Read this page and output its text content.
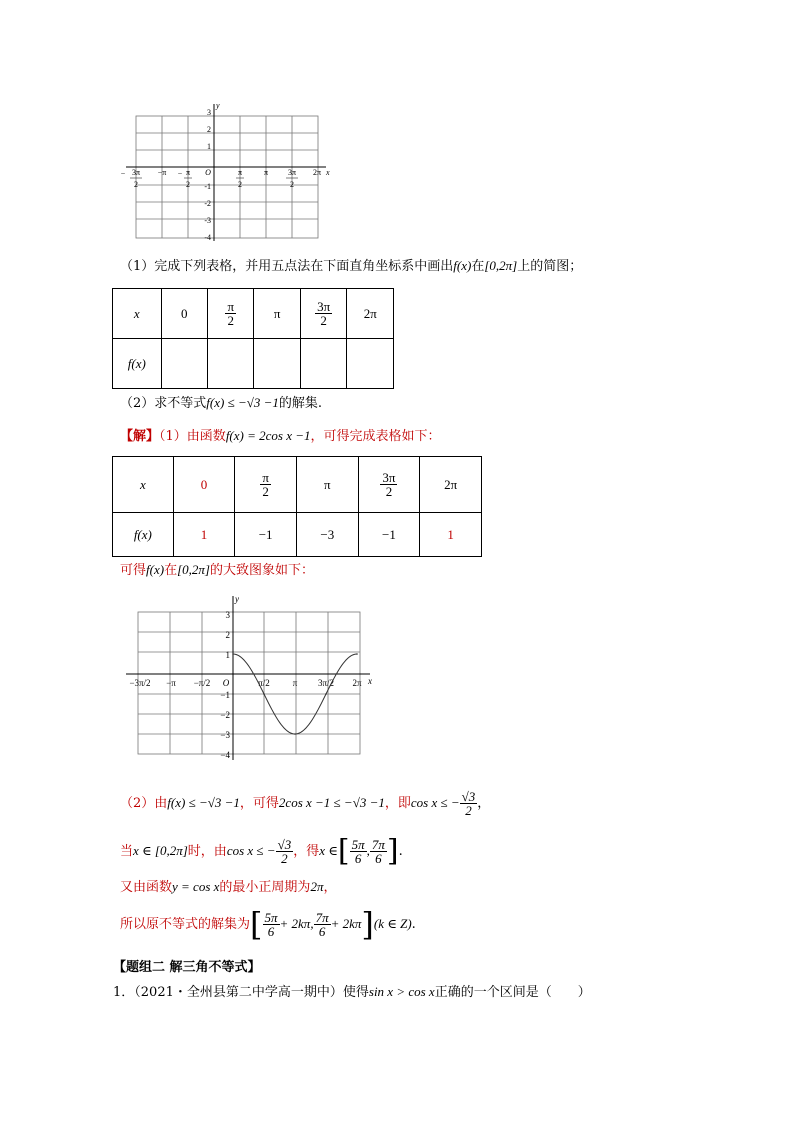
y
x
3
2
1
-1
-2
-3
-4
− 3π
2
−π − π
2
O	π
2
π 3π
2
2π
（1）完成下列表格，并用五点法在下面直角坐标系中画出f(x)在[0,2π]上的简图；
x	0	$\frac{\pi}{2}$	π	$\frac{3\pi}{2}$	2π
f(x)					
（2）求不等式f(x) ≤ −√3 −1的解集.
【解】（1）由函数f(x) = 2cos x −1，可得完成表格如下：
x	0	$\frac{\pi}{2}$	π	$\frac{3\pi}{2}$	2π
f(x)	1	−1	−3	−1	1
可得f(x)在[0,2π]的大致图象如下：
y
x
3
2
1
−1
−2
−3
−4
−3π/2 −π −π/2 O	π/2	π 3π/2 2π
（2）由f(x) ≤ −√3 −1，可得2cos x −1 ≤ −√3 −1，即cos x ≤ − $\frac{√3}{2}$ ，
当x ∈ [0,2π]时，由cos x ≤ − $\frac{√3}{2}$ ，得x ∈[ $\frac{5\pi}{6}$ , $\frac{7\pi}{6}$ ].
又由函数y = cos x的最小正周期为2π，
所以原不等式的解集为[ $\frac{5\pi}{6} + 2k\pi$, $\frac{7\pi}{6} + 2k\pi](k$ ∈ Z).
【题组二 解三角不等式】
1．（2021・全州县第二中学高一期中）使得sin x > cos x正确的一个区间是（　　）
